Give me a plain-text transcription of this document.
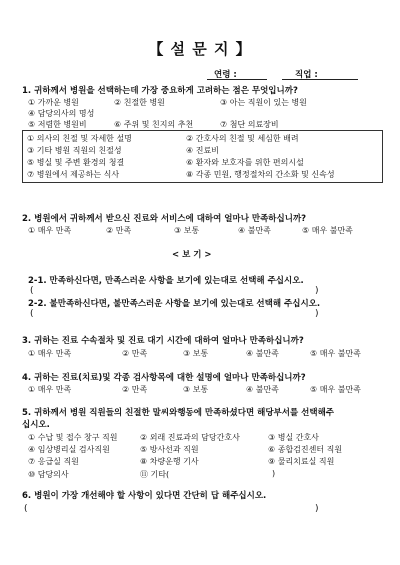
【 설 문 지 】
연령 :	직업 :
1. 귀하께서 병원을 선택하는데 가장 중요하게 고려하는 점은 무엇입니까?
① 가까운 병원	② 친절한 병원	③ 아는 직원이 있는 병원
④ 담당의사의 명성
⑤ 저렴한 병원비	⑥ 주위 및 친지의 추천	⑦ 첨단 의료장비
① 의사의 친절 및 자세한 설명	② 간호사의 친절 및 세심한 배려
③ 기타 병원 직원의 친절성	④ 진료비
⑤ 병실 및 주변 환경의 청결	⑥ 환자와 보호자를 위한 편의시설
⑦ 병원에서 제공하는 식사	⑧ 각종 민원, 행정절차의 간소화 및 신속성
2. 병원에서 귀하께서 받으신 진료와 서비스에 대하여 얼마나 만족하십니까?
① 매우 만족	② 만족	③ 보통	④ 불만족	⑤ 매우 불만족
< 보 기 >
2-1. 만족하신다면, 만족스러운 사항을 보기에 있는대로 선택해 주십시오.
(	)
2-2. 불만족하신다면, 불만족스러운 사항을 보기에 있는대로 선택해 주십시오.
(	)
3. 귀하는 진료 수속절차 및 진료 대기 시간에 대하여 얼마나 만족하십니까?
① 매우 만족	② 만족	③ 보통	④ 불만족	⑤ 매우 불만족
4. 귀하는 진료(치료)및 각종 검사항목에 대한 설명에 얼마나 만족하십니까?
① 매우 만족	② 만족	③ 보통	④ 불만족	⑤ 매우 불만족
5. 귀하께서 병원 직원들의 친절한 말씨와행동에 만족하셨다면 해당부서를 선택해주
십시오.
① 수납 및 접수 창구 직원	② 외래 진료과의 담당간호사	③ 병실 간호사
④ 임상병리실 검사직원	⑤ 방사선과 직원	⑥ 종합검진센터 직원
⑦ 응급실 직원	⑧ 차량운행 기사	⑨ 물리치료실 직원
⑩ 담당의사	⑪ 기타(	)
6. 병원이 가장 개선해야 할 사항이 있다면 간단히 답 해주십시오.
(	)
